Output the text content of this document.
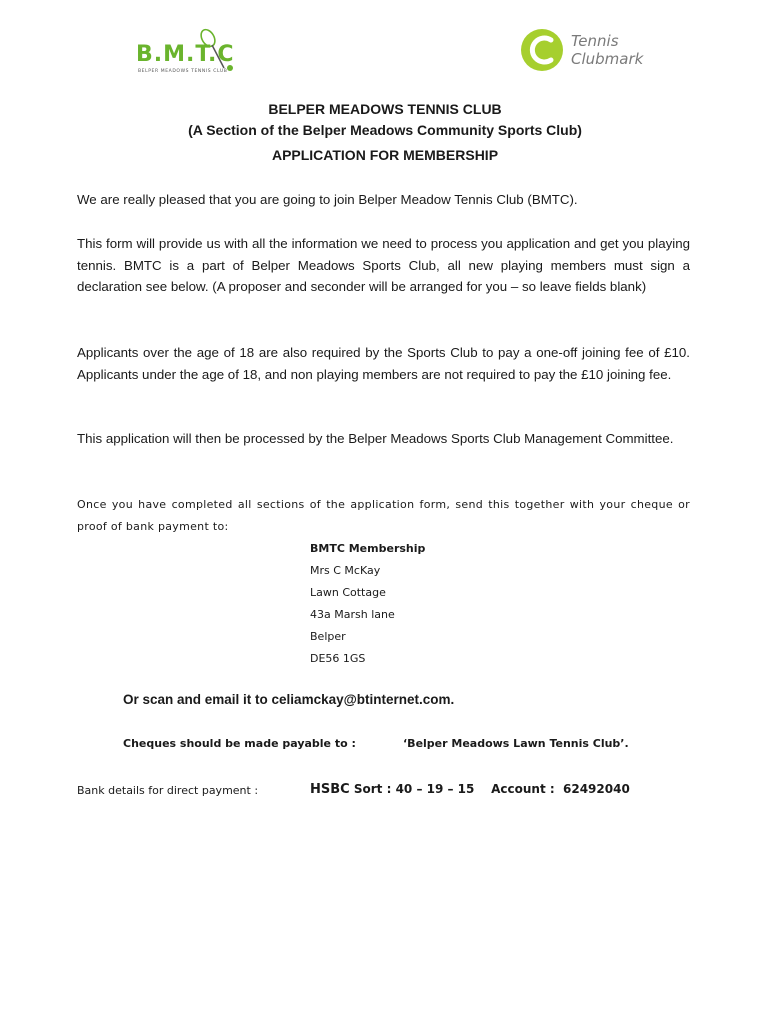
B.M.T.C
BELPER MEADOWS TENNIS CLUB
Tennis
Clubmark
BELPER MEADOWS TENNIS CLUB
(A Section of the Belper Meadows Community Sports Club)
APPLICATION FOR MEMBERSHIP
We are really pleased that you are going to join Belper Meadow Tennis Club (BMTC).
This form will provide us with all the information we need to process you application and get you playing tennis. BMTC is a part of Belper Meadows Sports Club, all new playing members must sign a declaration see below. (A proposer and seconder will be arranged for you – so leave fields blank)
Applicants over the age of 18 are also required by the Sports Club to pay a one-off joining fee of £10. Applicants under the age of 18, and non playing members are not required to pay the £10 joining fee.
This application will then be processed by the Belper Meadows Sports Club Management Committee.
Once you have completed all sections of the application form, send this together with your cheque or proof of bank payment to:
BMTC Membership
Mrs C McKay
Lawn Cottage
43a Marsh lane
Belper
DE56 1GS
Or scan and email it to celiamckay@btinternet.com.
Cheques should be made payable to :	‘Belper Meadows Lawn Tennis Club’.
Bank details for direct payment :	HSBC Sort : 40 – 19 – 15    Account :  62492040
